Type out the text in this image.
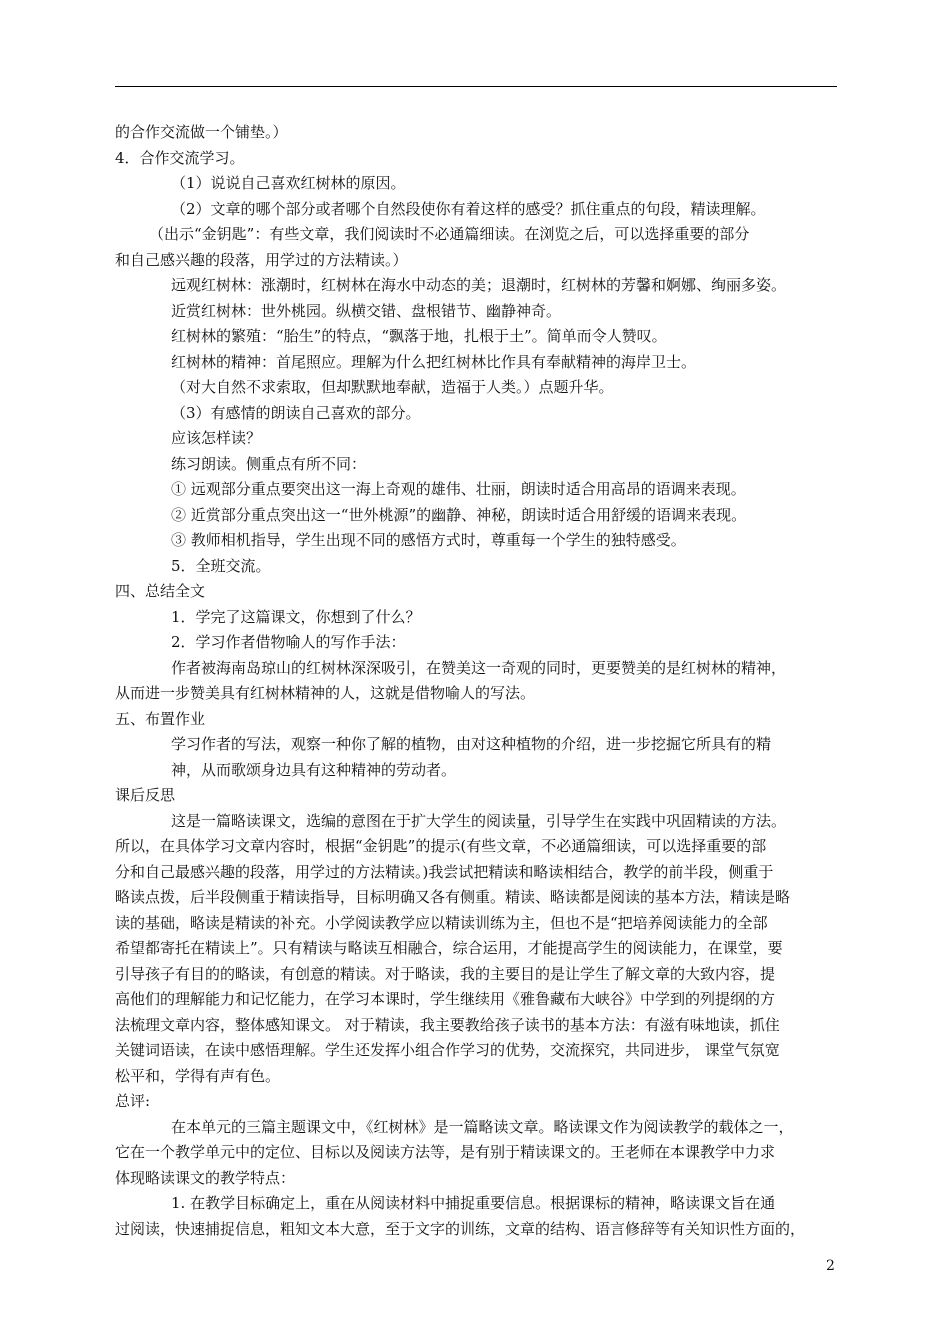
的合作交流做一个铺垫。）

4．合作交流学习。

（1）说说自己喜欢红树林的原因。

（2）文章的哪个部分或者哪个自然段使你有着这样的感受？抓住重点的句段，精读理解。

（出示“金钥匙”：有些文章，我们阅读时不必通篇细读。在浏览之后，可以选择重要的部分

和自己感兴趣的段落，用学过的方法精读。）

远观红树林：涨潮时，红树林在海水中动态的美；退潮时，红树林的芳馨和婀娜、绚丽多姿。

近赏红树林：世外桃园。纵横交错、盘根错节、幽静神奇。

红树林的繁殖：“胎生”的特点，“飘落于地，扎根于土”。简单而令人赞叹。

红树林的精神：首尾照应。理解为什么把红树林比作具有奉献精神的海岸卫士。

（对大自然不求索取，但却默默地奉献，造福于人类。）点题升华。

（3）有感情的朗读自己喜欢的部分。

应该怎样读？

练习朗读。侧重点有所不同：

① 远观部分重点要突出这一海上奇观的雄伟、壮丽，朗读时适合用高昂的语调来表现。

② 近赏部分重点突出这一“世外桃源”的幽静、神秘，朗读时适合用舒缓的语调来表现。

③ 教师相机指导，学生出现不同的感悟方式时，尊重每一个学生的独特感受。

5．全班交流。

四、总结全文

1．学完了这篇课文，你想到了什么？

2．学习作者借物喻人的写作手法：

作者被海南岛琼山的红树林深深吸引，在赞美这一奇观的同时，更要赞美的是红树林的精神，

从而进一步赞美具有红树林精神的人，这就是借物喻人的写法。

五、布置作业

学习作者的写法，观察一种你了解的植物，由对这种植物的介绍，进一步挖掘它所具有的精

神，从而歌颂身边具有这种精神的劳动者。

课后反思

这是一篇略读课文，选编的意图在于扩大学生的阅读量，引导学生在实践中巩固精读的方法。

所以，在具体学习文章内容时，根据“金钥匙”的提示(有些文章，不必通篇细读，可以选择重要的部

分和自己最感兴趣的段落，用学过的方法精读。)我尝试把精读和略读相结合，教学的前半段，侧重于

略读点拨，后半段侧重于精读指导，目标明确又各有侧重。精读、略读都是阅读的基本方法，精读是略

读的基础，略读是精读的补充。小学阅读教学应以精读训练为主，但也不是“把培养阅读能力的全部

希望都寄托在精读上”。只有精读与略读互相融合，综合运用，才能提高学生的阅读能力，在课堂，要

引导孩子有目的的略读，有创意的精读。对于略读，我的主要目的是让学生了解文章的大致内容，提

高他们的理解能力和记忆能力，在学习本课时，学生继续用《雅鲁藏布大峡谷》中学到的列提纲的方

法梳理文章内容，整体感知课文。 对于精读，我主要教给孩子读书的基本方法：有滋有味地读，抓住

关键词语读，在读中感悟理解。学生还发挥小组合作学习的优势，交流探究，共同进步， 课堂气氛宽

松平和，学得有声有色。

总评:

在本单元的三篇主题课文中，《红树林》是一篇略读文章。略读课文作为阅读教学的载体之一，

它在一个教学单元中的定位、目标以及阅读方法等，是有别于精读课文的。王老师在本课教学中力求

体现略读课文的教学特点：

1. 在教学目标确定上，重在从阅读材料中捕捉重要信息。根据课标的精神，略读课文旨在通

过阅读，快速捕捉信息，粗知文本大意，至于文字的训练，文章的结构、语言修辞等有关知识性方面的，

2
